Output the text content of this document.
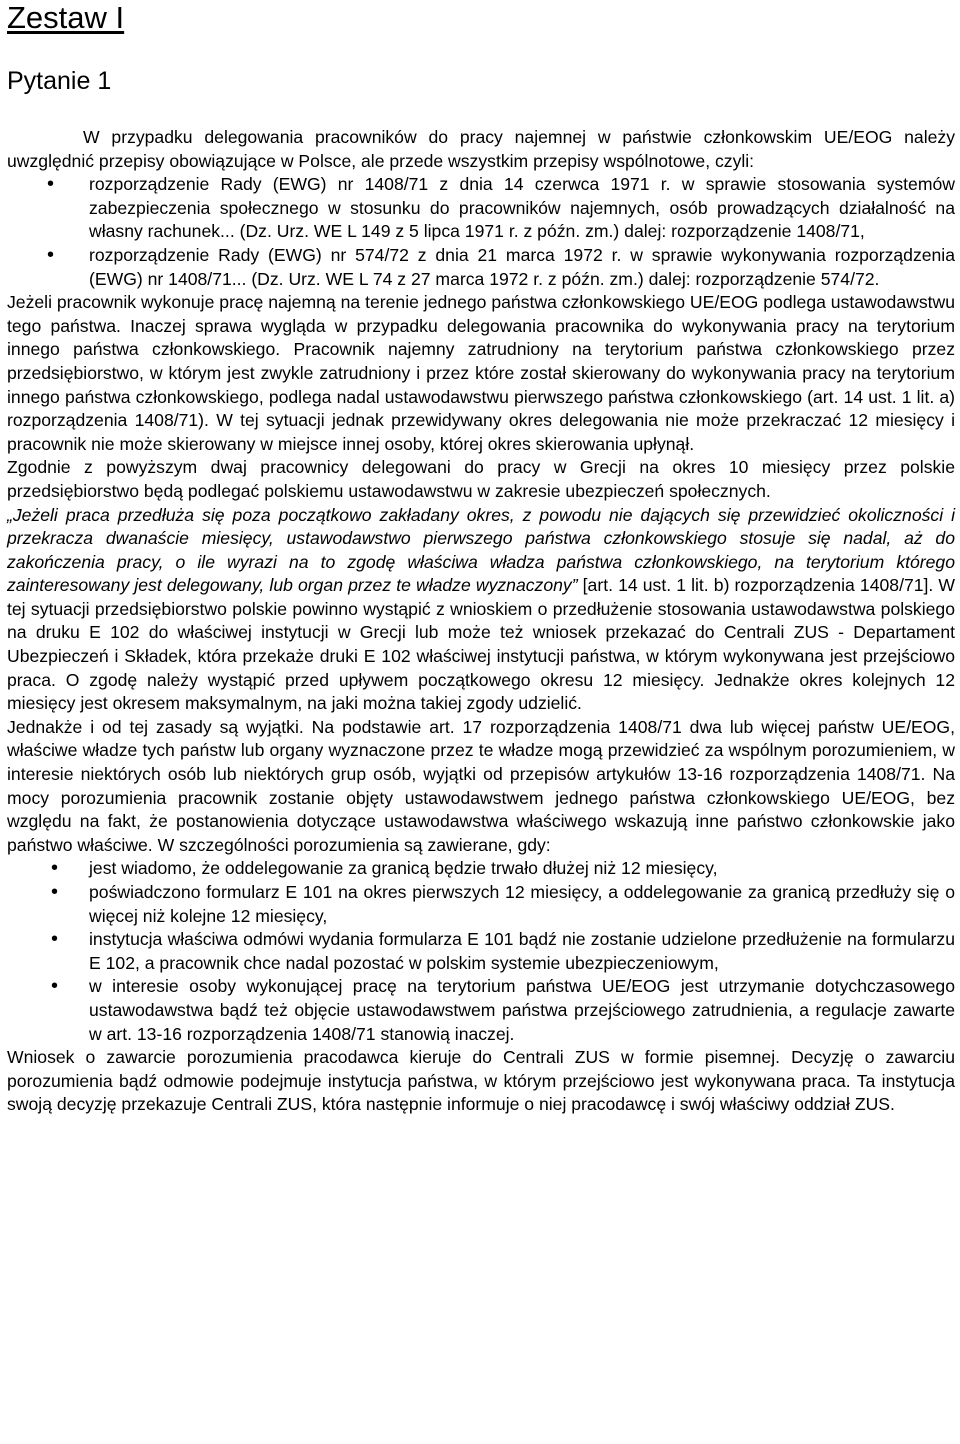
Zestaw I
Pytanie 1

W przypadku delegowania pracowników do pracy najemnej w państwie członkowskim UE/EOG należy uwzględnić przepisy obowiązujące w Polsce, ale przede wszystkim przepisy wspólnotowe, czyli:

• rozporządzenie Rady (EWG) nr 1408/71 z dnia 14 czerwca 1971 r. w sprawie stosowania systemów zabezpieczenia społecznego w stosunku do pracowników najemnych, osób prowadzących działalność na własny rachunek... (Dz. Urz. WE L 149 z 5 lipca 1971 r. z późn. zm.) dalej: rozporządzenie 1408/71,
• rozporządzenie Rady (EWG) nr 574/72 z dnia 21 marca 1972 r. w sprawie wykonywania rozporządzenia (EWG) nr 1408/71... (Dz. Urz. WE L 74 z 27 marca 1972 r. z późn. zm.) dalej: rozporządzenie 574/72.

Jeżeli pracownik wykonuje pracę najemną na terenie jednego państwa członkowskiego UE/EOG podlega ustawodawstwu tego państwa. Inaczej sprawa wygląda w przypadku delegowania pracownika do wykonywania pracy na terytorium innego państwa członkowskiego. Pracownik najemny zatrudniony na terytorium państwa członkowskiego przez przedsiębiorstwo, w którym jest zwykle zatrudniony i przez które został skierowany do wykonywania pracy na terytorium innego państwa członkowskiego, podlega nadal ustawodawstwu pierwszego państwa członkowskiego (art. 14 ust. 1 lit. a) rozporządzenia 1408/71). W tej sytuacji jednak przewidywany okres delegowania nie może przekraczać 12 miesięcy i pracownik nie może skierowany w miejsce innej osoby, której okres skierowania upłynął.

Zgodnie z powyższym dwaj pracownicy delegowani do pracy w Grecji na okres 10 miesięcy przez polskie przedsiębiorstwo będą podlegać polskiemu ustawodawstwu w zakresie ubezpieczeń społecznych.

„Jeżeli praca przedłuża się poza początkowo zakładany okres, z powodu nie dających się przewidzieć okoliczności i przekracza dwanaście miesięcy, ustawodawstwo pierwszego państwa członkowskiego stosuje się nadal, aż do zakończenia pracy, o ile wyrazi na to zgodę właściwa władza państwa członkowskiego, na terytorium którego zainteresowany jest delegowany, lub organ przez te władze wyznaczony” [art. 14 ust. 1 lit. b) rozporządzenia 1408/71]. W tej sytuacji przedsiębiorstwo polskie powinno wystąpić z wnioskiem o przedłużenie stosowania ustawodawstwa polskiego na druku E 102 do właściwej instytucji w Grecji lub może też wniosek przekazać do Centrali ZUS - Departament Ubezpieczeń i Składek, która przekaże druki E 102 właściwej instytucji państwa, w którym wykonywana jest przejściowo praca. O zgodę należy wystąpić przed upływem początkowego okresu 12 miesięcy. Jednakże okres kolejnych 12 miesięcy jest okresem maksymalnym, na jaki można takiej zgody udzielić.

Jednakże i od tej zasady są wyjątki. Na podstawie art. 17 rozporządzenia 1408/71 dwa lub więcej państw UE/EOG, właściwe władze tych państw lub organy wyznaczone przez te władze mogą przewidzieć za wspólnym porozumieniem, w interesie niektórych osób lub niektórych grup osób, wyjątki od przepisów artykułów 13-16 rozporządzenia 1408/71. Na mocy porozumienia pracownik zostanie objęty ustawodawstwem jednego państwa członkowskiego UE/EOG, bez względu na fakt, że postanowienia dotyczące ustawodawstwa właściwego wskazują inne państwo członkowskie jako państwo właściwe. W szczególności porozumienia są zawierane, gdy:

• jest wiadomo, że oddelegowanie za granicą będzie trwało dłużej niż 12 miesięcy,
• poświadczono formularz E 101 na okres pierwszych 12 miesięcy, a oddelegowanie za granicą przedłuży się o więcej niż kolejne 12 miesięcy,
• instytucja właściwa odmówi wydania formularza E 101 bądź nie zostanie udzielone przedłużenie na formularzu E 102, a pracownik chce nadal pozostać w polskim systemie ubezpieczeniowym,
• w interesie osoby wykonującej pracę na terytorium państwa UE/EOG jest utrzymanie dotychczasowego ustawodawstwa bądź też objęcie ustawodawstwem państwa przejściowego zatrudnienia, a regulacje zawarte w art. 13-16 rozporządzenia 1408/71 stanowią inaczej.

Wniosek o zawarcie porozumienia pracodawca kieruje do Centrali ZUS w formie pisemnej. Decyzję o zawarciu porozumienia bądź odmowie podejmuje instytucja państwa, w którym przejściowo jest wykonywana praca. Ta instytucja swoją decyzję przekazuje Centrali ZUS, która następnie informuje o niej pracodawcę i swój właściwy oddział ZUS.
